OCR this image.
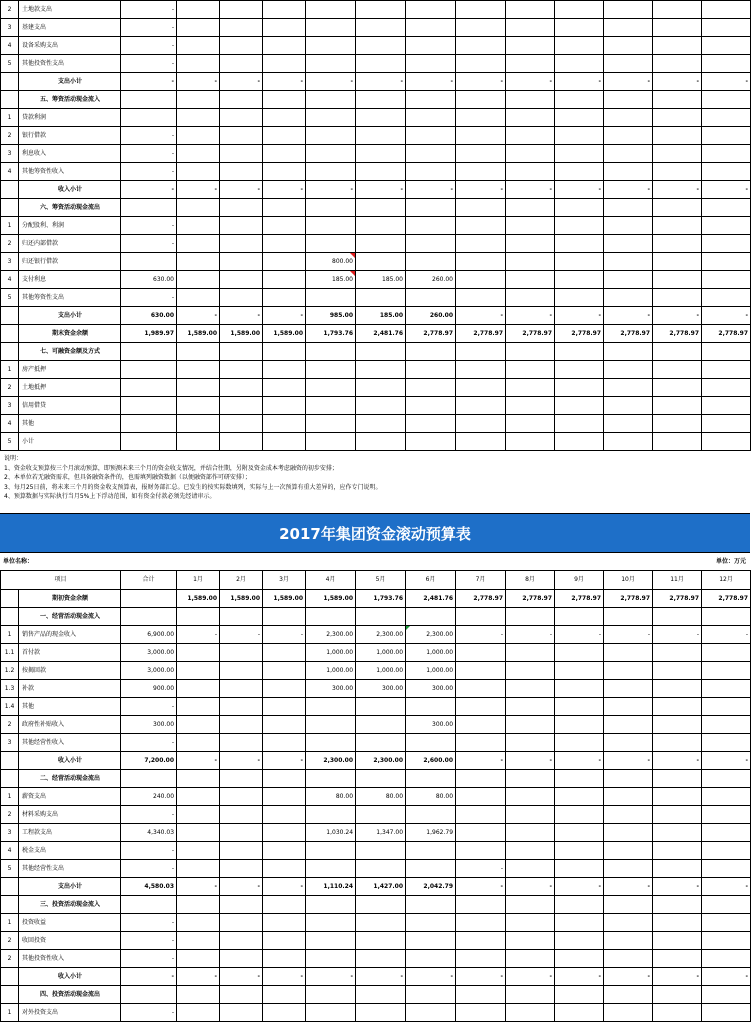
2	土地款支出	-												
3	基建支出	-												
4	设备采购支出	-												
5	其他投资性支出	-												
	支出小计	-	-	-	-	-	-	-	-	-	-	-	-	-
	五、筹资活动现金流入													
1	贷款利润													
2	银行借款	-												
3	利息收入	-												
4	其他筹资性收入	-												
	收入小计	-	-	-	-	-	-	-	-	-	-	-	-	-
	六、筹资活动现金流出													
1	分配股利、利润	-												
2	归还内部借款	-												
3	归还银行借款					800.00

4	支付利息	630.00				185.00	185.00	260.00						
5	其他筹资性支出	-												
	支出小计	630.00	-	-	-	985.00	185.00	260.00	-	-	-	-	-	-
	期末资金余额	1,989.97	1,589.00	1,589.00	1,589.00	1,793.76	2,481.76	2,778.97	2,778.97	2,778.97	2,778.97	2,778.97	2,778.97	2,778.97
	七、可融资金额及方式													
1	房产抵押													
2	土地抵押													
3	信用借贷													
4	其他													
5	小计													
说明：
1、资金收支预算按三个月滚动预算，即预测未来三个月的资金收支情况，并结合往期，另附及资金成本考虑融资的初步安排；
2、本单位若无融资需求，但具备融资条件的，也需填列融资数据（以便融资部作可研安排）；
3、每月25日前，将未来三个月的资金收支预算表，报财务部汇总。已发生的按实际数填列，实际与上一次预算有重大差异的，应作专门说明。
4、预算数据与实际执行当月5%上下浮动范围，如有资金付款必须先经请审示。
2017年集团资金滚动预算表
单位名称：	单位：万元
项目		合计	1月	2月	3月	4月	5月	6月	7月	8月	9月	10月	11月	12月
	期初资金余额		1,589.00	1,589.00	1,589.00	1,589.00	1,793.76	2,481.76	2,778.97	2,778.97	2,778.97	2,778.97	2,778.97	2,778.97
	一、经营活动现金流入													
1	销售产品的现金收入	6,900.00	-	-	-	2,300.00	2,300.00	2,300.00	-	-	-	-	-	-
1.1	首付款	3,000.00				1,000.00	1,000.00	1,000.00						
1.2	按揭回款	3,000.00				1,000.00	1,000.00	1,000.00						
1.3	补款	900.00				300.00	300.00	300.00						
1.4	其他	-												
2	政府性补贴收入	300.00						300.00						
3	其他经营性收入	-												
	收入小计	7,200.00	-	-	-	2,300.00	2,300.00	2,600.00	-	-	-	-	-	-
	二、经营活动现金流出													
1	薪资支出	240.00				80.00	80.00	80.00						
2	材料采购支出	-												
3	工程款支出	4,340.03				1,030.24	1,347.00	1,962.79						
4	税金支出	-												
5	其他经营性支出	-							-					
	支出小计	4,580.03	-	-	-	1,110.24	1,427.00	2,042.79	-	-	-	-	-	-
	三、投资活动现金流入													
1	投资收益	-												
2	收回投资	-												
2	其他投资性收入	-												
	收入小计	-	-	-	-	-	-	-	-	-	-	-	-	-
	四、投资活动现金流出													
1	对外投资支出	-												
